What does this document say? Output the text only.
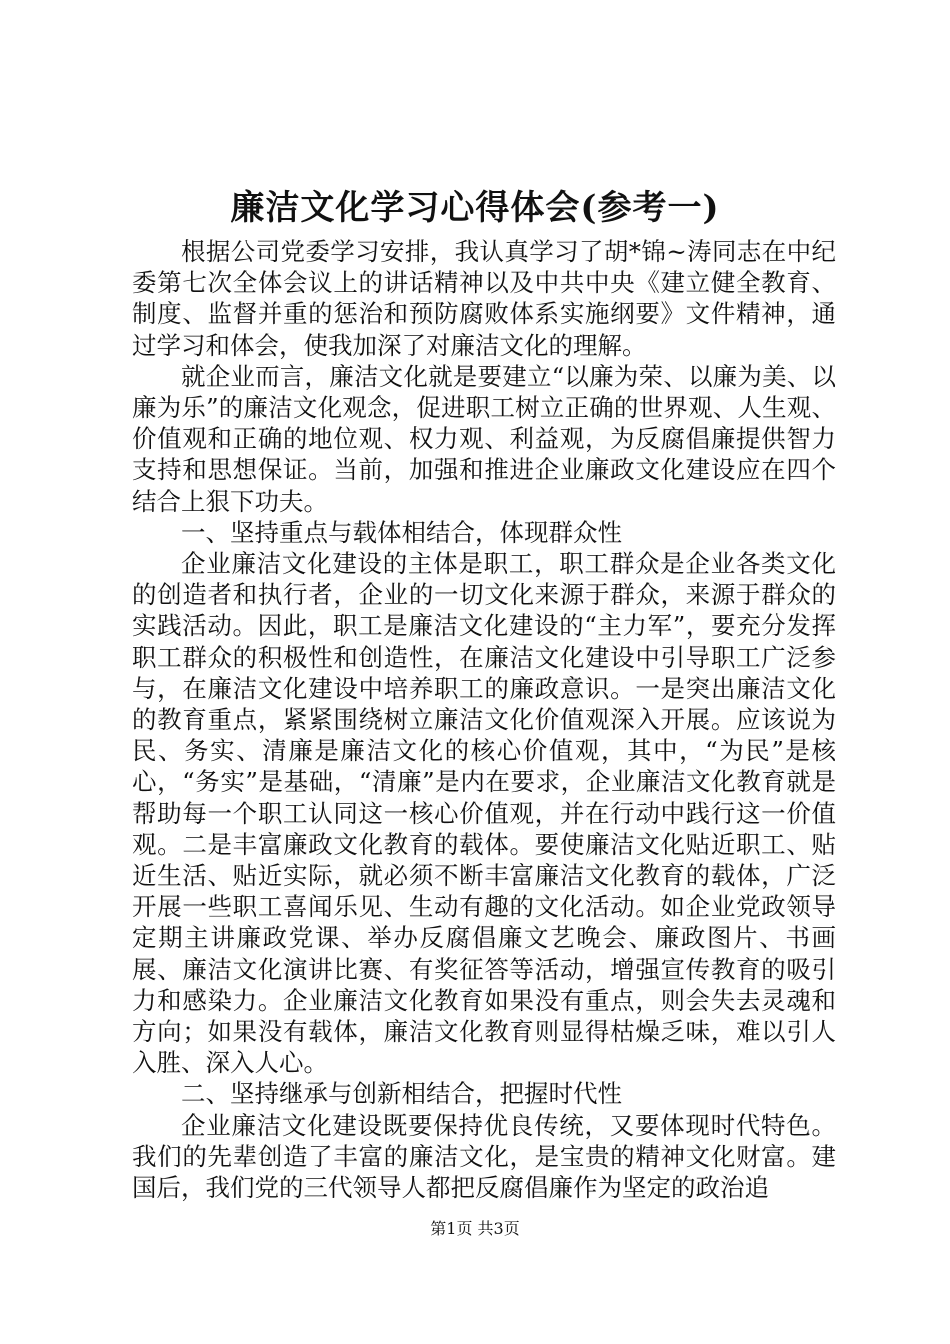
廉洁文化学习心得体会(参考一)

根据公司党委学习安排，我认真学习了胡*锦~涛同志在中纪委第七次全体会议上的讲话精神以及中共中央《建立健全教育、制度、监督并重的惩治和预防腐败体系实施纲要》文件精神，通过学习和体会，使我加深了对廉洁文化的理解。

就企业而言，廉洁文化就是要建立“以廉为荣、以廉为美、以廉为乐”的廉洁文化观念，促进职工树立正确的世界观、人生观、价值观和正确的地位观、权力观、利益观，为反腐倡廉提供智力支持和思想保证。当前，加强和推进企业廉政文化建设应在四个结合上狠下功夫。

一、坚持重点与载体相结合，体现群众性

企业廉洁文化建设的主体是职工，职工群众是企业各类文化的创造者和执行者，企业的一切文化来源于群众，来源于群众的实践活动。因此，职工是廉洁文化建设的“主力军”，要充分发挥职工群众的积极性和创造性，在廉洁文化建设中引导职工广泛参与，在廉洁文化建设中培养职工的廉政意识。一是突出廉洁文化的教育重点，紧紧围绕树立廉洁文化价值观深入开展。应该说为民、务实、清廉是廉洁文化的核心价值观，其中，“为民”是核心，“务实”是基础，“清廉”是内在要求，企业廉洁文化教育就是帮助每一个职工认同这一核心价值观，并在行动中践行这一价值观。二是丰富廉政文化教育的载体。要使廉洁文化贴近职工、贴近生活、贴近实际，就必须不断丰富廉洁文化教育的载体，广泛开展一些职工喜闻乐见、生动有趣的文化活动。如企业党政领导定期主讲廉政党课、举办反腐倡廉文艺晚会、廉政图片、书画展、廉洁文化演讲比赛、有奖征答等活动，增强宣传教育的吸引力和感染力。企业廉洁文化教育如果没有重点，则会失去灵魂和方向；如果没有载体，廉洁文化教育则显得枯燥乏味，难以引人入胜、深入人心。

二、坚持继承与创新相结合，把握时代性

企业廉洁文化建设既要保持优良传统，又要体现时代特色。我们的先辈创造了丰富的廉洁文化，是宝贵的精神文化财富。建国后，我们党的三代领导人都把反腐倡廉作为坚定的政治追

第1页 共3页
